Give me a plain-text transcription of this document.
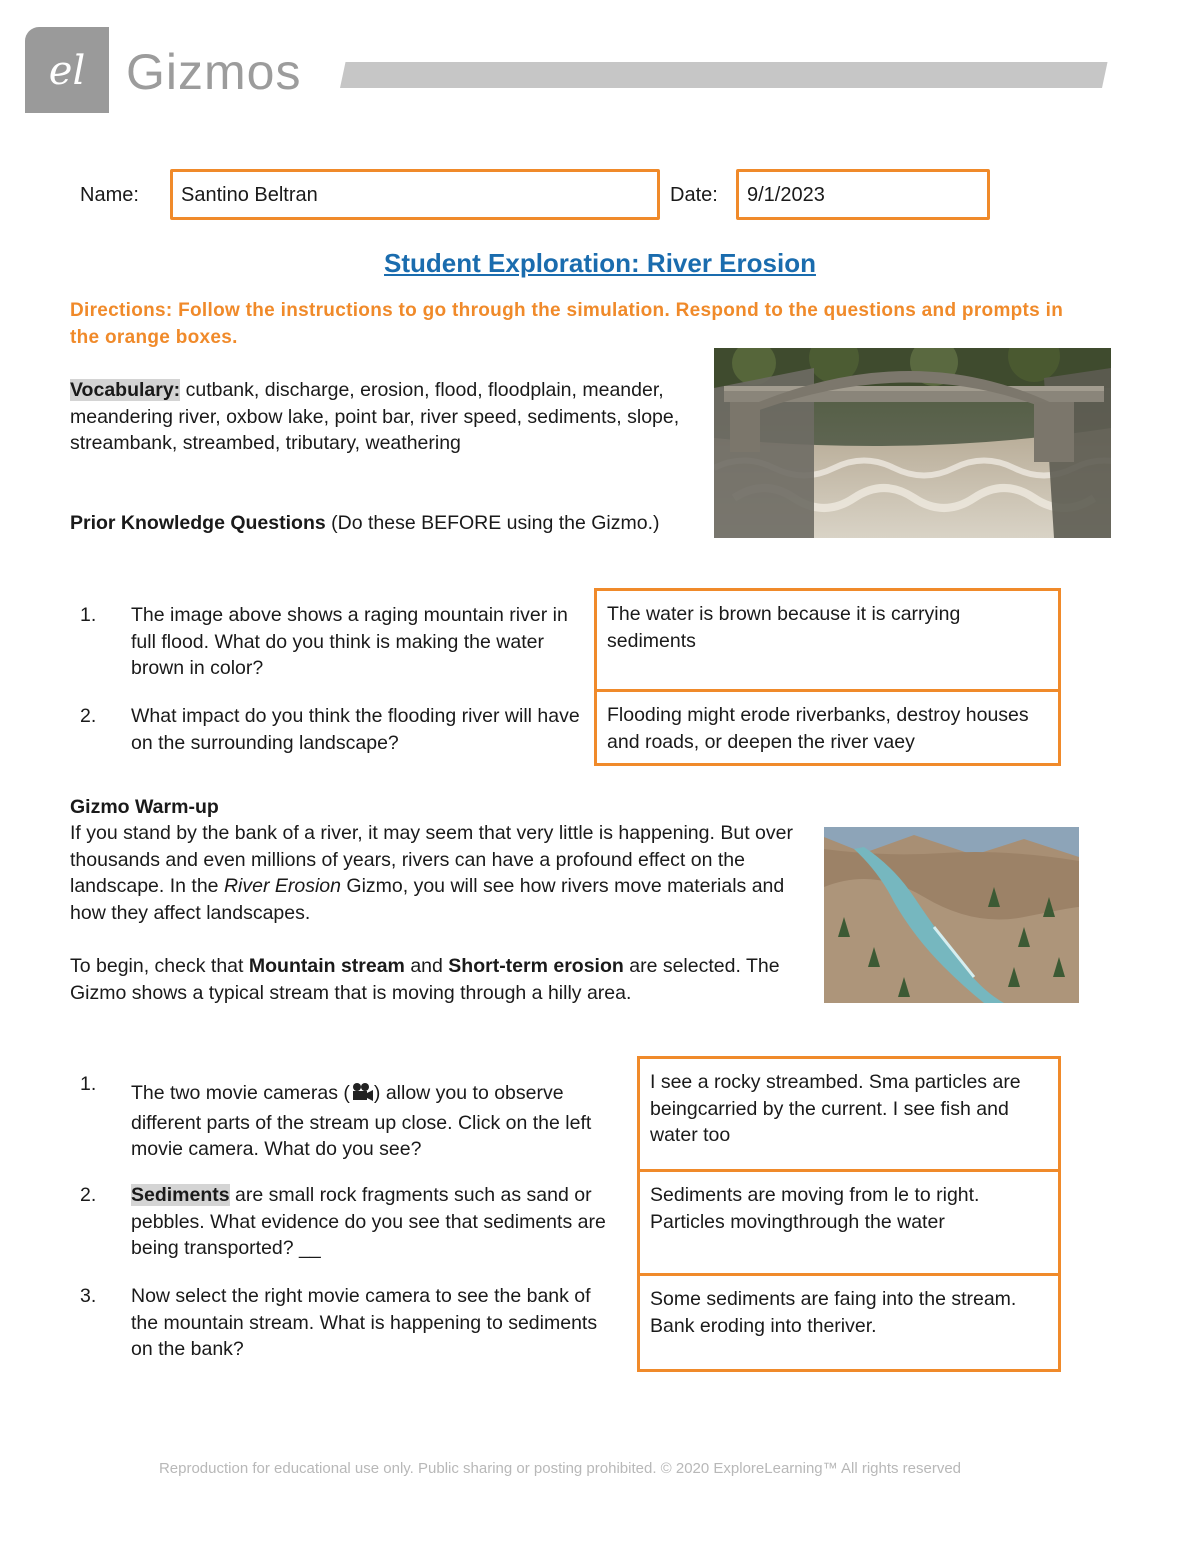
el Gizmos
Name:	Santino Beltran	Date:	9/1/2023
Student Exploration: River Erosion
Directions: Follow the instructions to go through the simulation. Respond to the questions and prompts in the orange boxes.
Vocabulary: cutbank, discharge, erosion, flood, floodplain, meander, meandering river, oxbow lake, point bar, river speed, sediments, slope, streambank, streambed, tributary, weathering
Prior Knowledge Questions (Do these BEFORE using the Gizmo.)
1. The image above shows a raging mountain river in full flood. What do you think is making the water brown in color?
2. What impact do you think the flooding river will have on the surrounding landscape?
The water is brown because it is carrying sediments
Flooding might erode riverbanks, destroy houses and roads, or deepen the river vaey
Gizmo Warm-up
If you stand by the bank of a river, it may seem that very little is happening. But over thousands and even millions of years, rivers can have a profound effect on the landscape. In the River Erosion Gizmo, you will see how rivers move materials and how they affect landscapes.
To begin, check that Mountain stream and Short-term erosion are selected. The Gizmo shows a typical stream that is moving through a hilly area.
1. The two movie cameras ( ) allow you to observe different parts of the stream up close. Click on the left movie camera. What do you see?
2. Sediments are small rock fragments such as sand or pebbles. What evidence do you see that sediments are being transported? __
3. Now select the right movie camera to see the bank of the mountain stream. What is happening to sediments on the bank?
I see a rocky streambed. Sma particles are beingcarried by the current. I see fish and water too
Sediments are moving from le to right. Particles movingthrough the water
Some sediments are faing into the stream. Bank eroding into theriver.
Reproduction for educational use only. Public sharing or posting prohibited. © 2020 ExploreLearning™ All rights reserved
